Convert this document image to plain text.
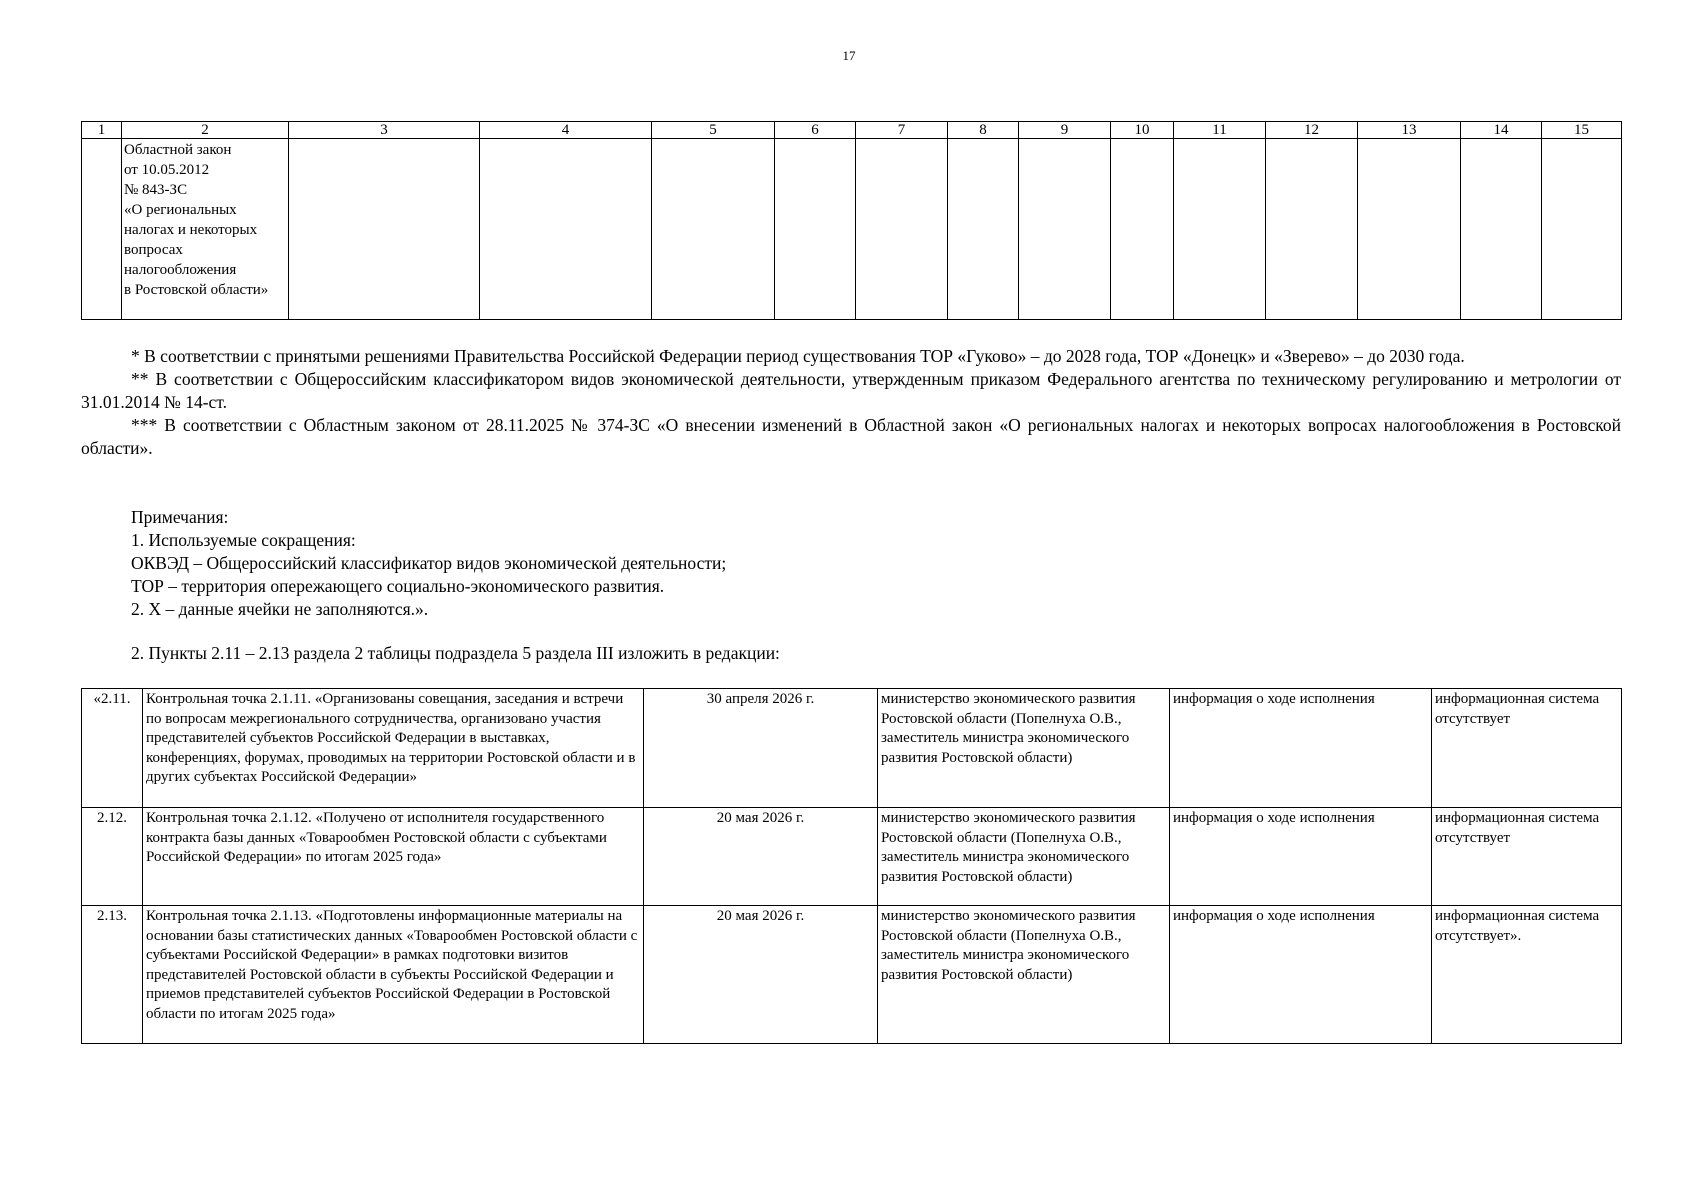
17
1	2	3	4	5	6	7	8	9	10	11	12	13	14	15
	Областной закон
от 10.05.2012
№ 843-ЗС
«О региональных налогах и некоторых вопросах налогообложения
в Ростовской области»													

* В соответствии с принятыми решениями Правительства Российской Федерации период существования ТОР «Гуково» – до 2028 года, ТОР «Донецк» и «Зверево» – до 2030 года.

** В соответствии с Общероссийским классификатором видов экономической деятельности, утвержденным приказом Федерального агентства по техническому регулированию и метрологии от 31.01.2014 № 14-ст.

*** В соответствии с Областным законом от 28.11.2025 № 374-ЗС «О внесении изменений в Областной закон «О региональных налогах и некоторых вопросах налогообложения в Ростовской области».

Примечания:

1. Используемые сокращения:

ОКВЭД – Общероссийский классификатор видов экономической деятельности;

ТОР – территория опережающего социально-экономического развития.

2. Х – данные ячейки не заполняются.».

2. Пункты 2.11 – 2.13 раздела 2 таблицы подраздела 5 раздела III изложить в редакции:
«2.11.	Контрольная точка 2.1.11. «Организованы совещания, заседания и встречи по вопросам межрегионального сотрудничества, организовано участия представителей субъектов Российской Федерации в выставках, конференциях, форумах, проводимых на территории Ростовской области и в других субъектах Российской Федерации»	30 апреля 2026 г.	министерство экономического развития Ростовской области (Попелнуха О.В., заместитель министра экономического развития Ростовской области)	информация о ходе исполнения	информационная система отсутствует
2.12.	Контрольная точка 2.1.12. «Получено от исполнителя государственного контракта базы данных «Товарообмен Ростовской области с субъектами Российской Федерации» по итогам 2025 года»	20 мая 2026 г.	министерство экономического развития Ростовской области (Попелнуха О.В., заместитель министра экономического развития Ростовской области)	информация о ходе исполнения	информационная система отсутствует
2.13.	Контрольная точка 2.1.13. «Подготовлены информационные материалы на основании базы статистических данных «Товарообмен Ростовской области с субъектами Российской Федерации» в рамках подготовки визитов представителей Ростовской области в субъекты Российской Федерации и приемов представителей субъектов Российской Федерации в Ростовской области по итогам 2025 года»	20 мая 2026 г.	министерство экономического развития Ростовской области (Попелнуха О.В., заместитель министра экономического развития Ростовской области)	информация о ходе исполнения	информационная система отсутствует».
